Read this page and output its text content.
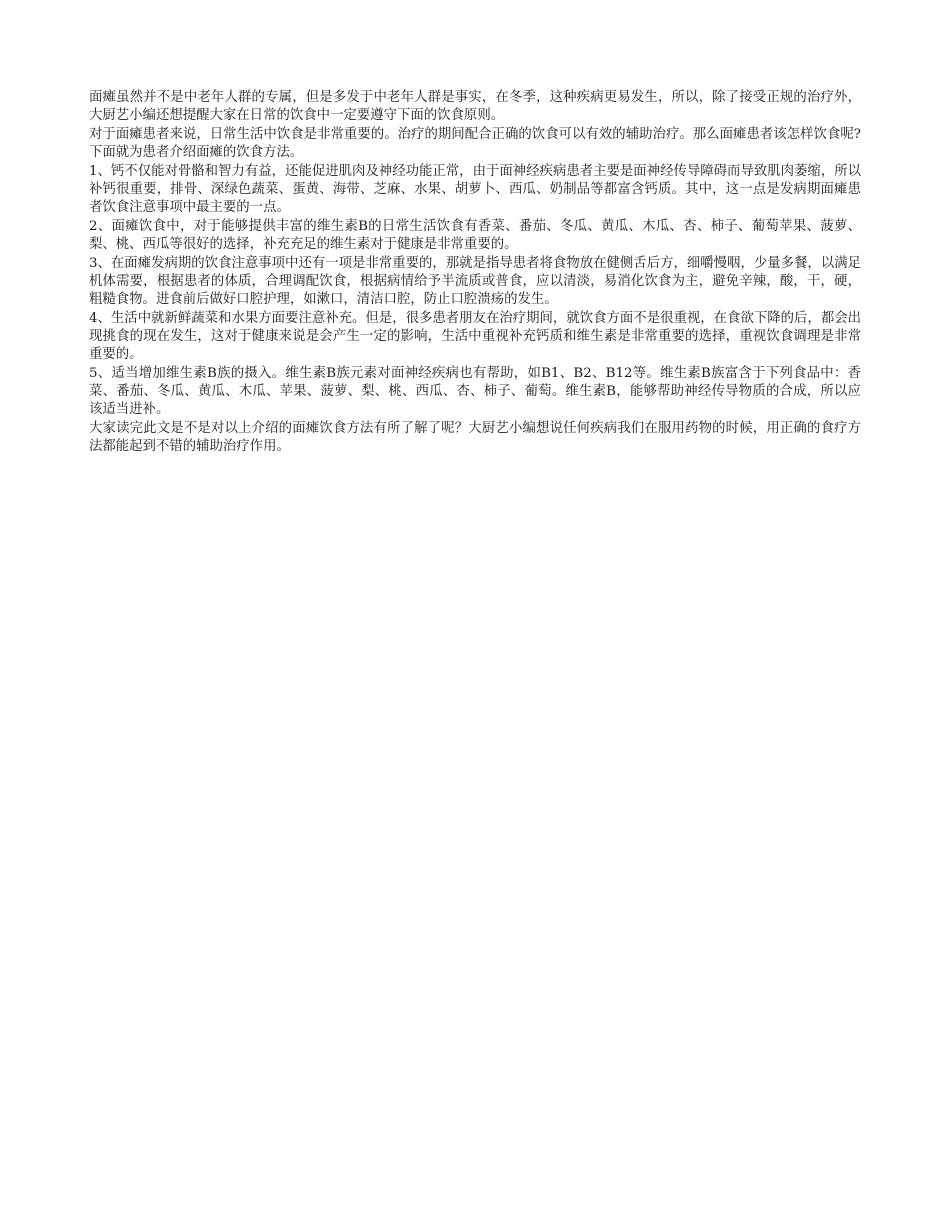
面瘫虽然并不是中老年人群的专属，但是多发于中老年人群是事实，在冬季，这种疾病更易发生，所以，除了接受正规的治疗外，大厨艺小编还想提醒大家在日常的饮食中一定要遵守下面的饮食原则。

对于面瘫患者来说，日常生活中饮食是非常重要的。治疗的期间配合正确的饮食可以有效的辅助治疗。那么面瘫患者该怎样饮食呢?下面就为患者介绍面瘫的饮食方法。

1、钙不仅能对骨骼和智力有益，还能促进肌肉及神经功能正常，由于面神经疾病患者主要是面神经传导障碍而导致肌肉萎缩，所以补钙很重要，排骨、深绿色蔬菜、蛋黄、海带、芝麻、水果、胡萝卜、西瓜、奶制品等都富含钙质。其中，这一点是发病期面瘫患者饮食注意事项中最主要的一点。

2、面瘫饮食中，对于能够提供丰富的维生素B的日常生活饮食有香菜、番茄、冬瓜、黄瓜、木瓜、杏、柿子、葡萄苹果、菠萝、梨、桃、西瓜等很好的选择，补充充足的维生素对于健康是非常重要的。

3、在面瘫发病期的饮食注意事项中还有一项是非常重要的，那就是指导患者将食物放在健侧舌后方，细嚼慢咽，少量多餐，以满足机体需要，根据患者的体质，合理调配饮食，根据病情给予半流质或普食，应以清淡，易消化饮食为主，避免辛辣，酸，干，硬，粗糙食物。进食前后做好口腔护理，如漱口，清洁口腔，防止口腔溃疡的发生。

4、生活中就新鲜蔬菜和水果方面要注意补充。但是，很多患者朋友在治疗期间，就饮食方面不是很重视，在食欲下降的后，都会出现挑食的现在发生，这对于健康来说是会产生一定的影响，生活中重视补充钙质和维生素是非常重要的选择，重视饮食调理是非常重要的。

5、适当增加维生素B族的摄入。维生素B族元素对面神经疾病也有帮助，如B1、B2、B12等。维生素B族富含于下列食品中：香菜、番茄、冬瓜、黄瓜、木瓜、苹果、菠萝、梨、桃、西瓜、杏、柿子、葡萄。维生素B，能够帮助神经传导物质的合成，所以应该适当进补。

大家读完此文是不是对以上介绍的面瘫饮食方法有所了解了呢？大厨艺小编想说任何疾病我们在服用药物的时候，用正确的食疗方法都能起到不错的辅助治疗作用。
